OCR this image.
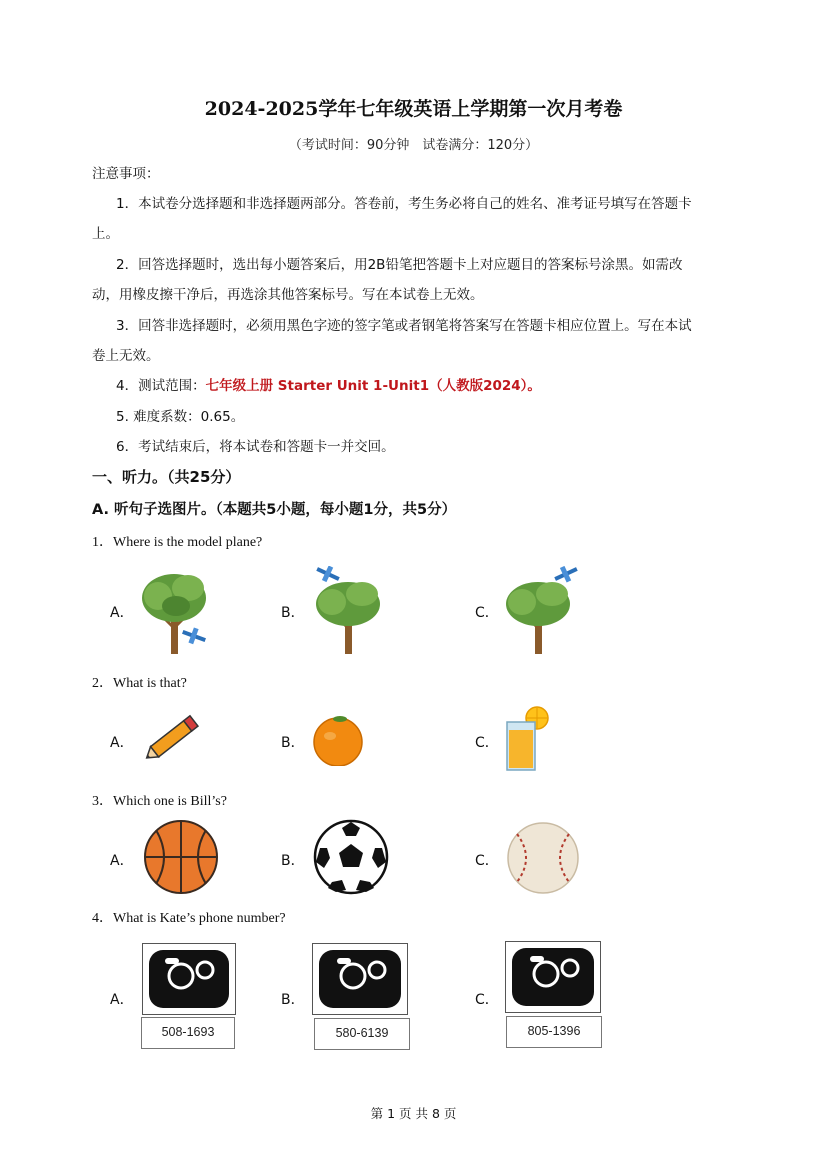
2024-2025学年七年级英语上学期第一次月考卷
（考试时间：90分钟　试卷满分：120分）
注意事项：
1．本试卷分选择题和非选择题两部分。答卷前，考生务必将自己的姓名、准考证号填写在答题卡
上。
2．回答选择题时，选出每小题答案后，用2B铅笔把答题卡上对应题目的答案标号涂黑。如需改
动，用橡皮擦干净后，再选涂其他答案标号。写在本试卷上无效。
3．回答非选择题时，必须用黑色字迹的签字笔或者钢笔将答案写在答题卡相应位置上。写在本试
卷上无效。
4．测试范围：七年级上册 Starter Unit 1-Unit1（人教版2024）。
5. 难度系数：0.65。
6．考试结束后，将本试卷和答题卡一并交回。
一、听力。（共25分）
A. 听句子选图片。（本题共5小题，每小题1分，共5分）
1．Where is the model plane?
A．	B．	C．
2．What is that?
A．	B．	C．
3．Which one is Bill’s?
A．	B．	C．
4．What is Kate’s phone number?
A．	B．	C．
508-1693	580-6139	805-1396
第 1 页 共 8 页
